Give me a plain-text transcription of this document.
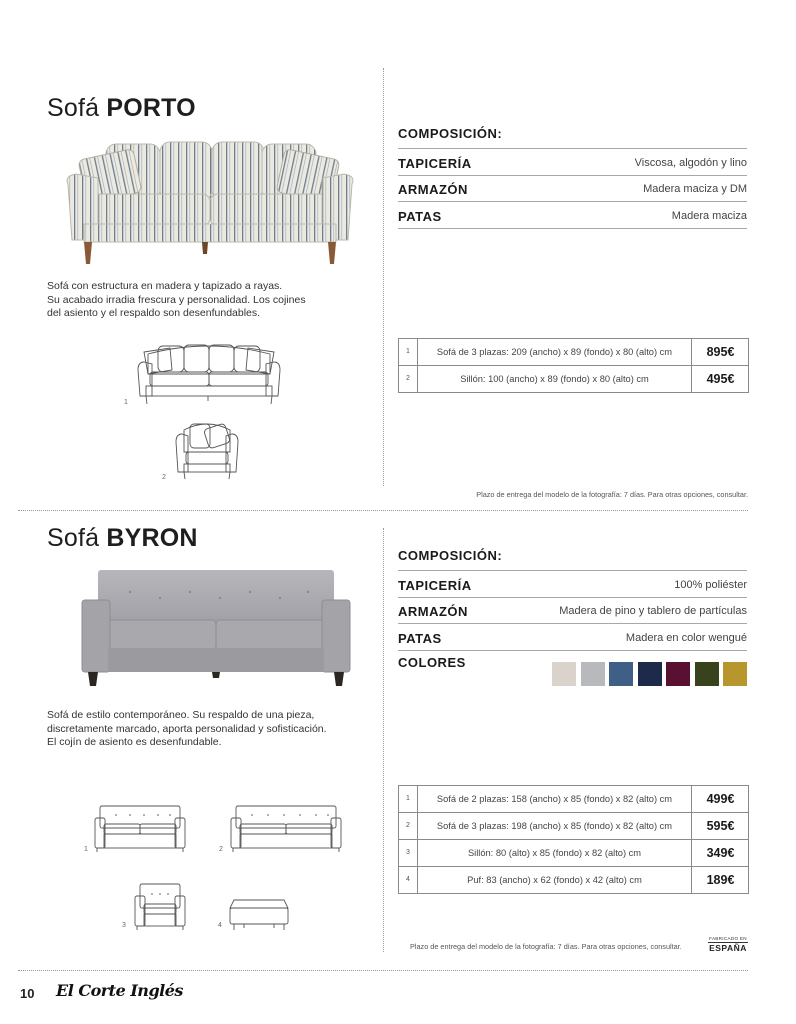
Sofá PORTO
Sofá con estructura en madera y tapizado a rayas.
Su acabado irradia frescura y personalidad. Los cojines
del asiento y el respaldo son desenfundables.
1
2
COMPOSICIÓN:
TAPICERÍA	Viscosa, algodón y lino
ARMAZÓN	Madera maciza y DM
PATAS	Madera maciza
1	Sofá de 3 plazas: 209 (ancho) x 89 (fondo) x 80 (alto) cm	895€
2	Sillón: 100 (ancho) x 89 (fondo) x 80 (alto) cm	495€
Plazo de entrega del modelo de la fotografía: 7 días. Para otras opciones, consultar.
Sofá BYRON
Sofá de estilo contemporáneo. Su respaldo de una pieza,
discretamente marcado, aporta personalidad y sofisticación.
El cojín de asiento es desenfundable.
1	2
3	4
COMPOSICIÓN:
TAPICERÍA	100% poliéster
ARMAZÓN	Madera de pino y tablero de partículas
PATAS	Madera en color wengué
COLORES
1	Sofá de 2 plazas: 158 (ancho) x 85 (fondo) x 82 (alto) cm	499€
2	Sofá de 3 plazas: 198 (ancho) x 85 (fondo) x 82 (alto) cm	595€
3	Sillón: 80 (alto) x 85 (fondo) x 82 (alto) cm	349€
4	Puf: 83 (ancho) x 62 (fondo) x 42 (alto) cm	189€
Plazo de entrega del modelo de la fotografía: 7 días. Para otras opciones, consultar.
FABRICADO EN
ESPAÑA
10 El Corte Inglés
